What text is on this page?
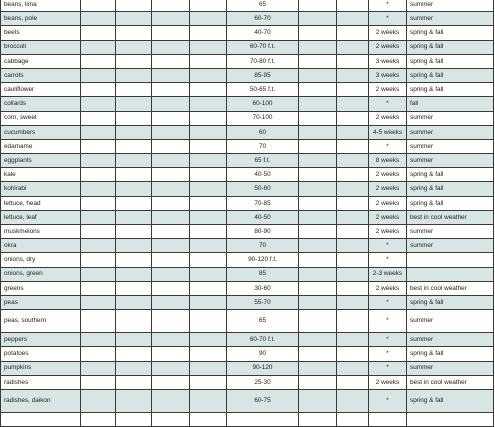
beans, lima					65			*	summer
beans, pole					60-70			*	summer
beets					40-70			2 weeks	spring & fall
broccoli					60-70 f.t.			2 weeks	spring & fall
cabbage					70-80 f.t.			3 weeks	spring & fall
carrots					85-95			3 weeks	spring & fall
cauliflower					50-65 f.t.			2 weeks	spring & fall
collards					60-100			*	fall
corn, sweet					70-100			2 weeks	summer
cucumbers					60			4-5 weeks	summer
edamame					70			*	summer
eggplants					65 f.t.			8 weeks	summer
kale					40-50			2 weeks	spring & fall
kohlrabi					50-60			2 weeks	spring & fall
lettuce, head					70-85			2 weeks	spring & fall
lettuce, leaf					40-50			2 weeks	best in cool weather
muskmelons					80-90			2 weeks	summer
okra					70			*	summer
onions, dry					90-120 f.t.			*	
onions, green					85			2-3 weeks	
greens					30-60			2 weeks	best in cool weather
peas					55-70			*	spring & fall
peas, southern					65			*	summer
peppers					60-70 f.t.			*	summer
potatoes					90			*	spring & fall
pumpkins					90-120			*	summer
radishes					25-30			2 weeks	best in cool weather
radishes, daikon					60-75			*	spring & fall
